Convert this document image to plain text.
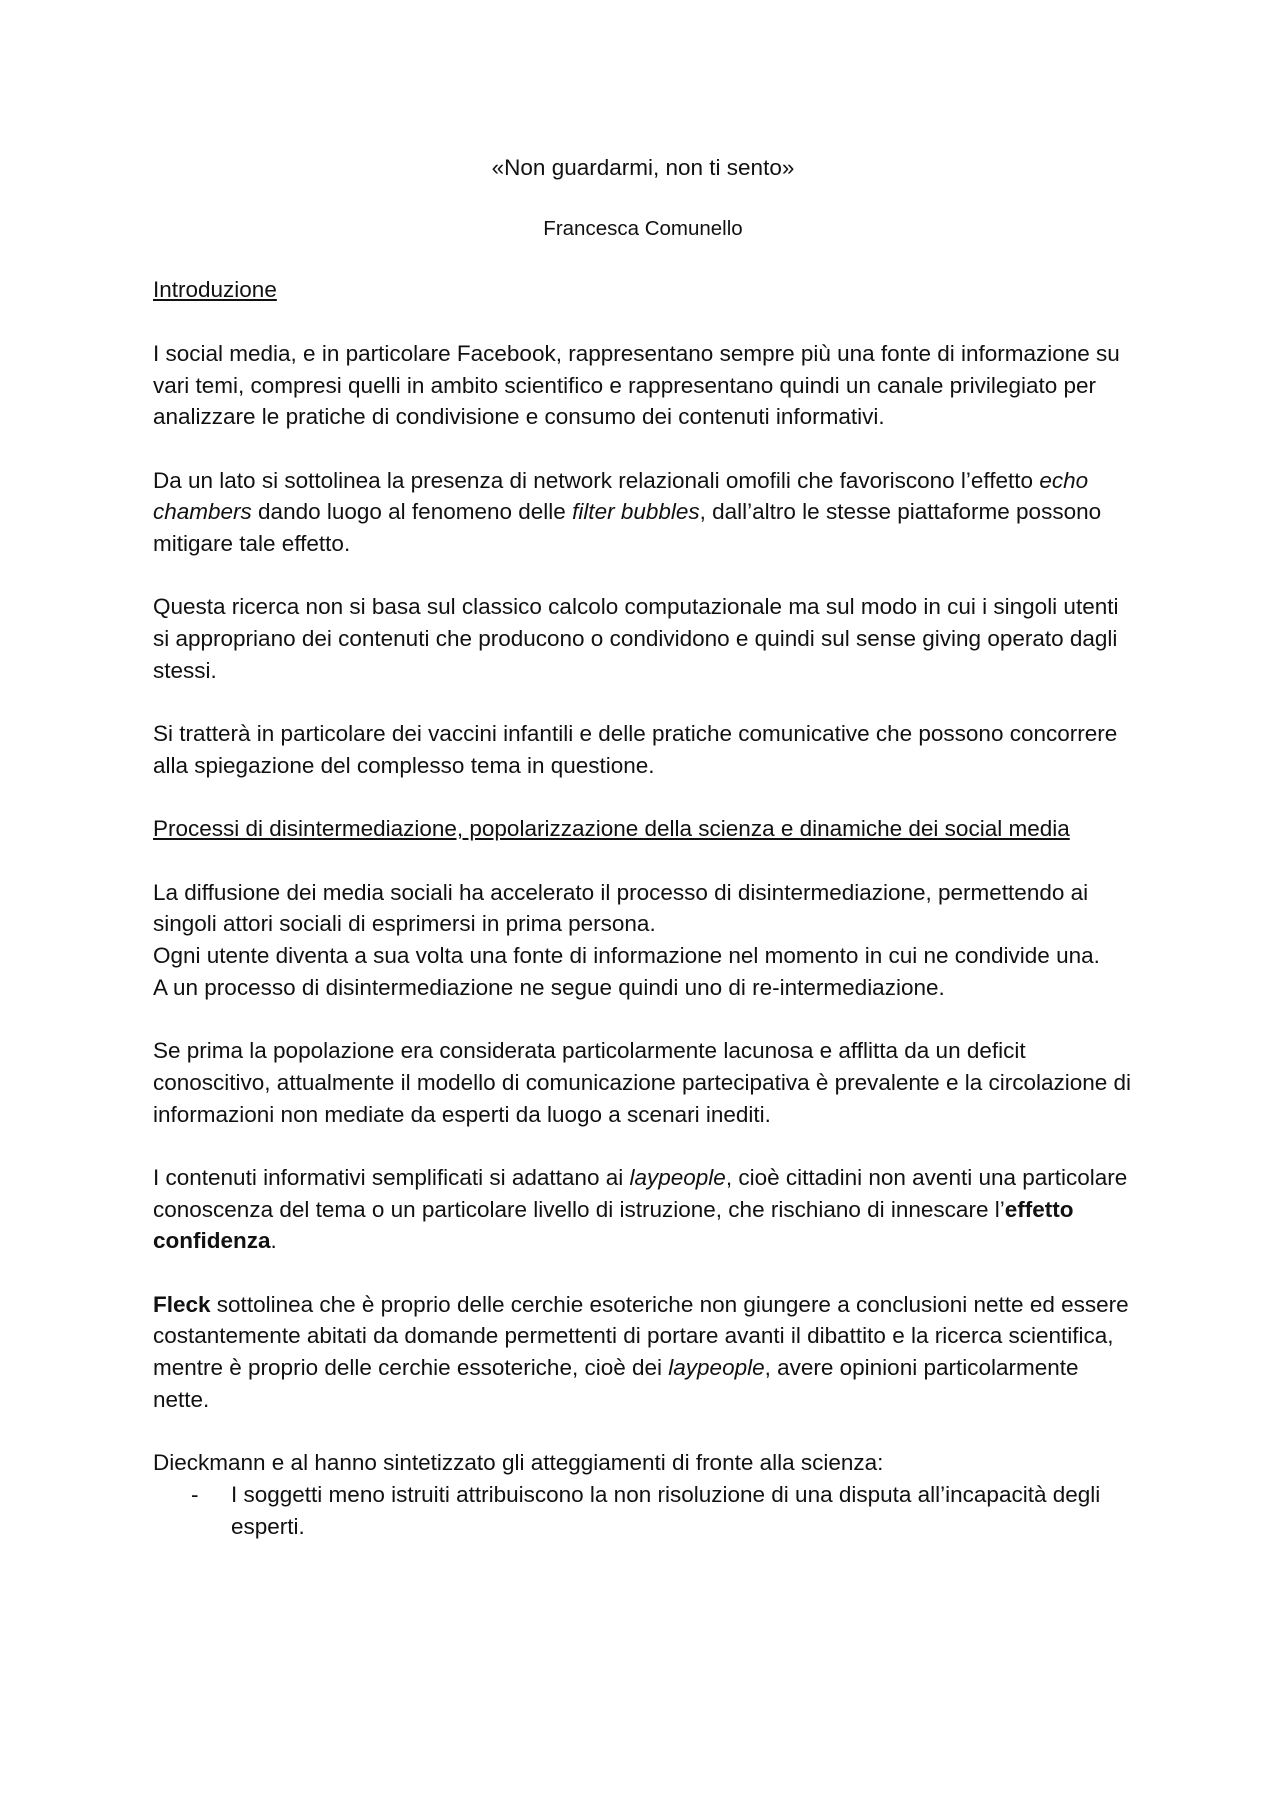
«Non guardarmi, non ti sento»

Francesca Comunello

Introduzione

I social media, e in particolare Facebook, rappresentano sempre più una fonte di informazione su vari temi, compresi quelli in ambito scientifico e rappresentano quindi un canale privilegiato per analizzare le pratiche di condivisione e consumo dei contenuti informativi.

Da un lato si sottolinea la presenza di network relazionali omofili che favoriscono l’effetto echo chambers dando luogo al fenomeno delle filter bubbles, dall’altro le stesse piattaforme possono mitigare tale effetto.

Questa ricerca non si basa sul classico calcolo computazionale ma sul modo in cui i singoli utenti si appropriano dei contenuti che producono o condividono e quindi sul sense giving operato dagli stessi.

Si tratterà in particolare dei vaccini infantili e delle pratiche comunicative che possono concorrere alla spiegazione del complesso tema in questione.

Processi di disintermediazione, popolarizzazione della scienza e dinamiche dei social media

La diffusione dei media sociali ha accelerato il processo di disintermediazione, permettendo ai singoli attori sociali di esprimersi in prima persona.

Ogni utente diventa a sua volta una fonte di informazione nel momento in cui ne condivide una.

A un processo di disintermediazione ne segue quindi uno di re-intermediazione.

Se prima la popolazione era considerata particolarmente lacunosa e afflitta da un deficit conoscitivo, attualmente il modello di comunicazione partecipativa è prevalente e la circolazione di informazioni non mediate da esperti da luogo a scenari inediti.

I contenuti informativi semplificati si adattano ai laypeople, cioè cittadini non aventi una particolare conoscenza del tema o un particolare livello di istruzione, che rischiano di innescare l’effetto confidenza.

Fleck sottolinea che è proprio delle cerchie esoteriche non giungere a conclusioni nette ed essere costantemente abitati da domande permettenti di portare avanti il dibattito e la ricerca scientifica, mentre è proprio delle cerchie essoteriche, cioè dei laypeople, avere opinioni particolarmente nette.

Dieckmann e al hanno sintetizzato gli atteggiamenti di fronte alla scienza:

- I soggetti meno istruiti attribuiscono la non risoluzione di una disputa all’incapacità degli esperti.
